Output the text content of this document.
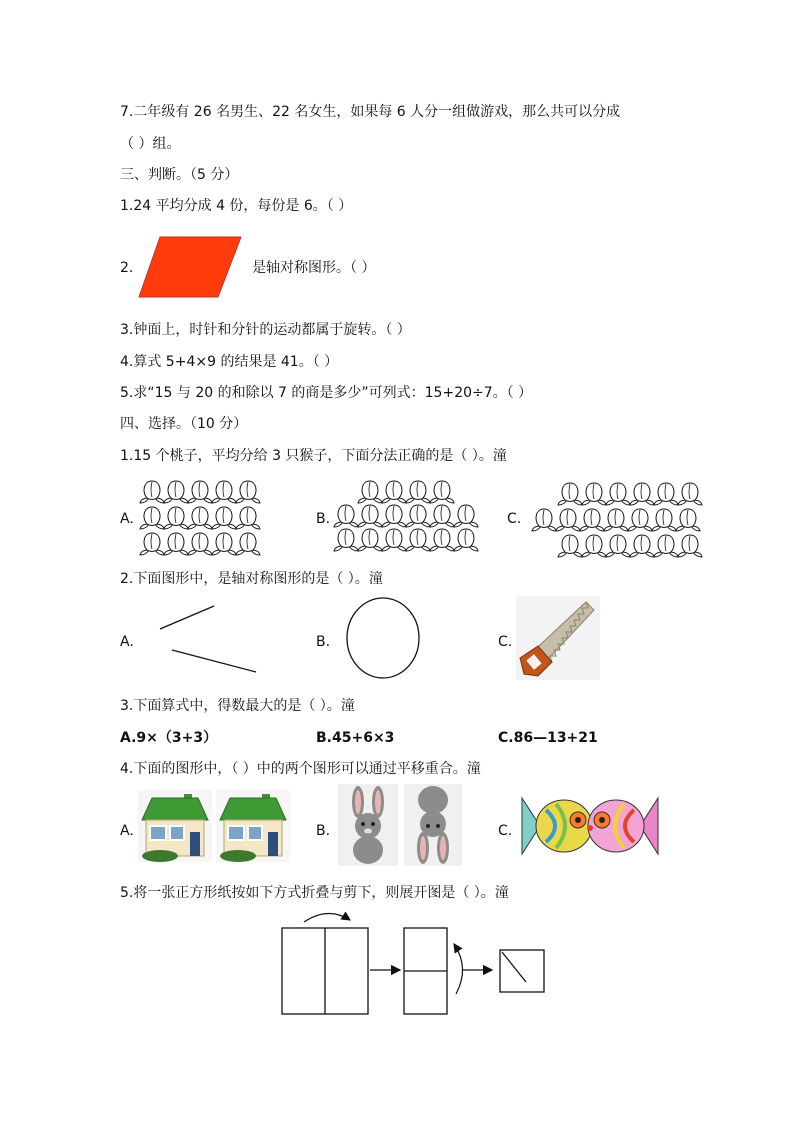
7.二年级有 26 名男生、22 名女生，如果每 6 人分一组做游戏，那么共可以分成
（ ）组。
三、判断。（5 分）
1.24 平均分成 4 份，每份是 6。（ ）
2.	是轴对称图形。（ ）
3.钟面上，时针和分针的运动都属于旋转。（ ）
4.算式 5+4×9 的结果是 41。（ ）
5.求“15 与 20 的和除以 7 的商是多少”可列式：15+20÷7。（ ）
四、选择。（10 分）
1.15 个桃子，平均分给 3 只猴子，下面分法正确的是（ ）。潼
A.	B.	C.
2.下面图形中，是轴对称图形的是（ ）。潼
A.	B.	C.
3.下面算式中，得数最大的是（ ）。潼
A.9×（3+3）	B.45+6×3	C.86—13+21
4.下面的图形中，（ ）中的两个图形可以通过平移重合。潼
A.	B.	C.
5.将一张正方形纸按如下方式折叠与剪下，则展开图是（ ）。潼
